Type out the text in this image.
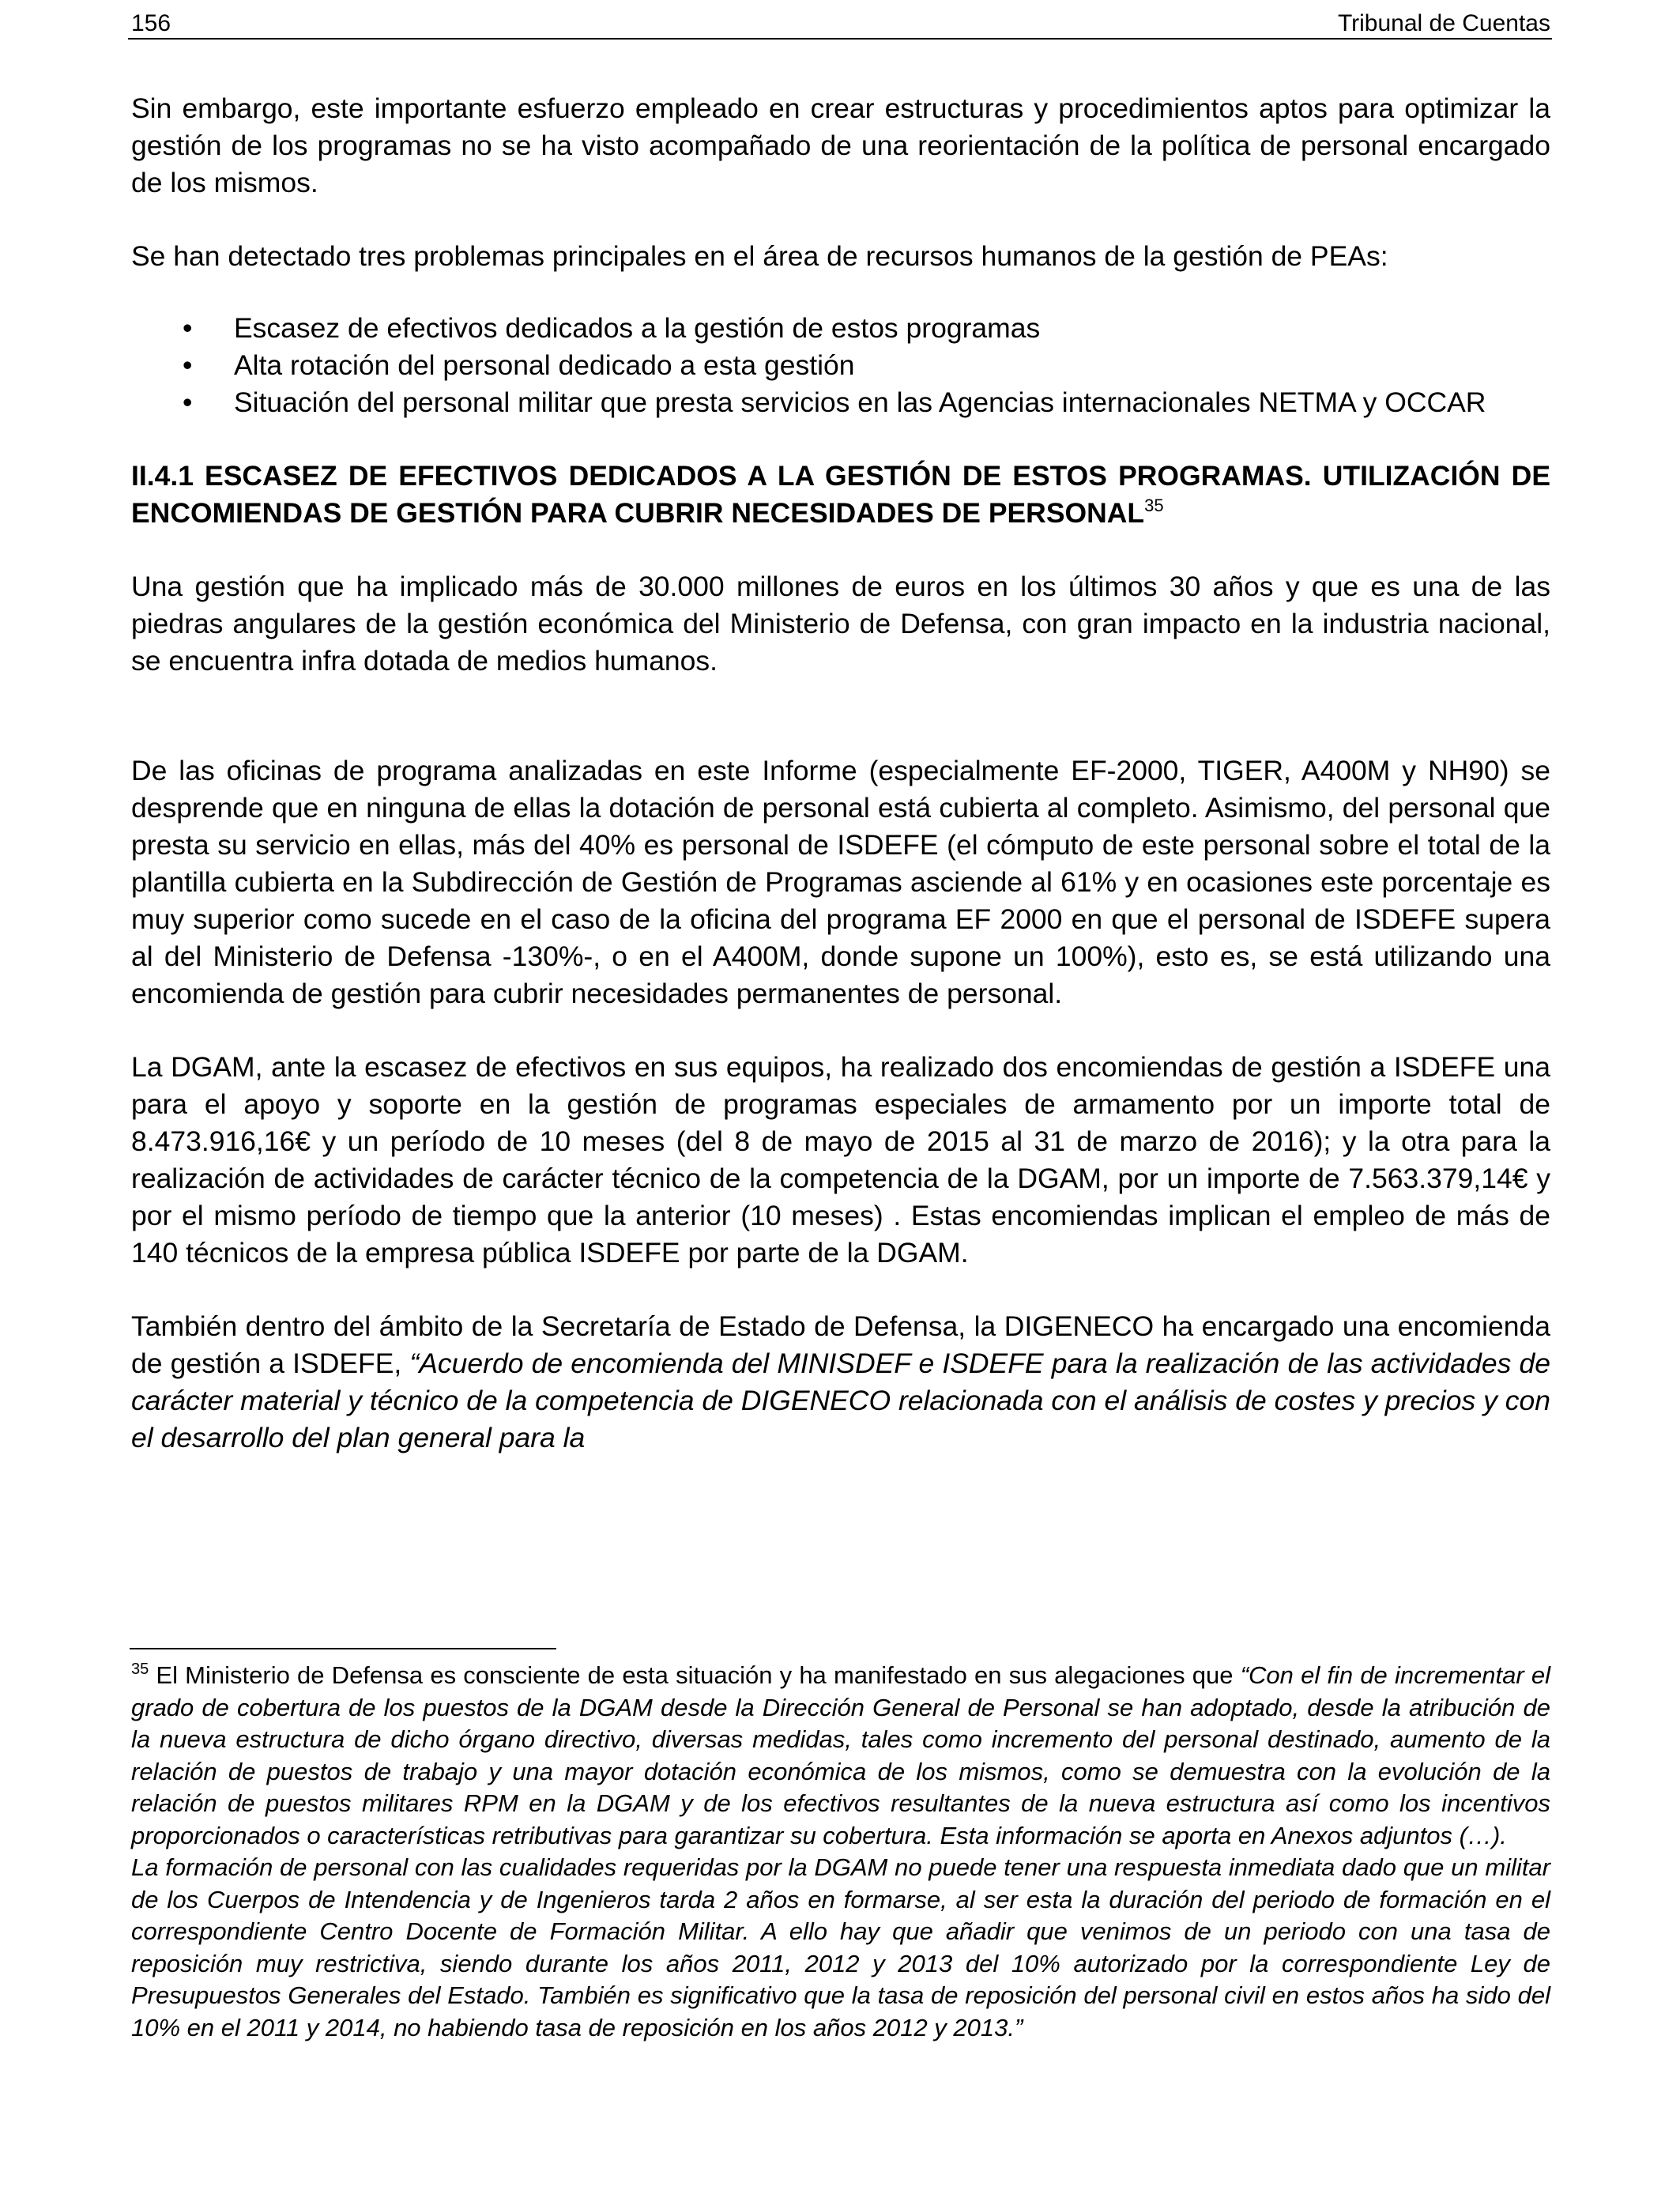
156	Tribunal de Cuentas

Sin embargo, este importante esfuerzo empleado en crear estructuras y procedimientos aptos para optimizar la gestión de los programas no se ha visto acompañado de una reorientación de la política de personal encargado de los mismos.

Se han detectado tres problemas principales en el área de recursos humanos de la gestión de PEAs:

• Escasez de efectivos dedicados a la gestión de estos programas
• Alta rotación del personal dedicado a esta gestión
• Situación del personal militar que presta servicios en las Agencias internacionales NETMA y OCCAR
II.4.1 ESCASEZ DE EFECTIVOS DEDICADOS A LA GESTIÓN DE ESTOS PROGRAMAS. UTILIZACIÓN DE ENCOMIENDAS DE GESTIÓN PARA CUBRIR NECESIDADES DE PERSONAL$^{35}$

Una gestión que ha implicado más de 30.000 millones de euros en los últimos 30 años y que es una de las piedras angulares de la gestión económica del Ministerio de Defensa, con gran impacto en la industria nacional, se encuentra infra dotada de medios humanos.

De las oficinas de programa analizadas en este Informe (especialmente EF-2000, TIGER, A400M y NH90) se desprende que en ninguna de ellas la dotación de personal está cubierta al completo. Asimismo, del personal que presta su servicio en ellas, más del 40% es personal de ISDEFE (el cómputo de este personal sobre el total de la plantilla cubierta en la Subdirección de Gestión de Programas asciende al 61% y en ocasiones este porcentaje es muy superior como sucede en el caso de la oficina del programa EF 2000 en que el personal de ISDEFE supera al del Ministerio de Defensa -130%-, o en el A400M, donde supone un 100%), esto es, se está utilizando una encomienda de gestión para cubrir necesidades permanentes de personal.

La DGAM, ante la escasez de efectivos en sus equipos, ha realizado dos encomiendas de gestión a ISDEFE una para el apoyo y soporte en la gestión de programas especiales de armamento por un importe total de 8.473.916,16€ y un período de 10 meses (del 8 de mayo de 2015 al 31 de marzo de 2016); y la otra para la realización de actividades de carácter técnico de la competencia de la DGAM, por un importe de 7.563.379,14€ y por el mismo período de tiempo que la anterior (10 meses) . Estas encomiendas implican el empleo de más de 140 técnicos de la empresa pública ISDEFE por parte de la DGAM.

También dentro del ámbito de la Secretaría de Estado de Defensa, la DIGENECO ha encargado una encomienda de gestión a ISDEFE, “Acuerdo de encomienda del MINISDEF e ISDEFE para la realización de las actividades de carácter material y técnico de la competencia de DIGENECO relacionada con el análisis de costes y precios y con el desarrollo del plan general para la

$^{35}$ El Ministerio de Defensa es consciente de esta situación y ha manifestado en sus alegaciones que “Con el fin de incrementar el grado de cobertura de los puestos de la DGAM desde la Dirección General de Personal se han adoptado, desde la atribución de la nueva estructura de dicho órgano directivo, diversas medidas, tales como incremento del personal destinado, aumento de la relación de puestos de trabajo y una mayor dotación económica de los mismos, como se demuestra con la evolución de la relación de puestos militares RPM en la DGAM y de los efectivos resultantes de la nueva estructura así como los incentivos proporcionados o características retributivas para garantizar su cobertura. Esta información se aporta en Anexos adjuntos (…).

La formación de personal con las cualidades requeridas por la DGAM no puede tener una respuesta inmediata dado que un militar de los Cuerpos de Intendencia y de Ingenieros tarda 2 años en formarse, al ser esta la duración del periodo de formación en el correspondiente Centro Docente de Formación Militar. A ello hay que añadir que venimos de un periodo con una tasa de reposición muy restrictiva, siendo durante los años 2011, 2012 y 2013 del 10% autorizado por la correspondiente Ley de Presupuestos Generales del Estado. También es significativo que la tasa de reposición del personal civil en estos años ha sido del 10% en el 2011 y 2014, no habiendo tasa de reposición en los años 2012 y 2013.”
